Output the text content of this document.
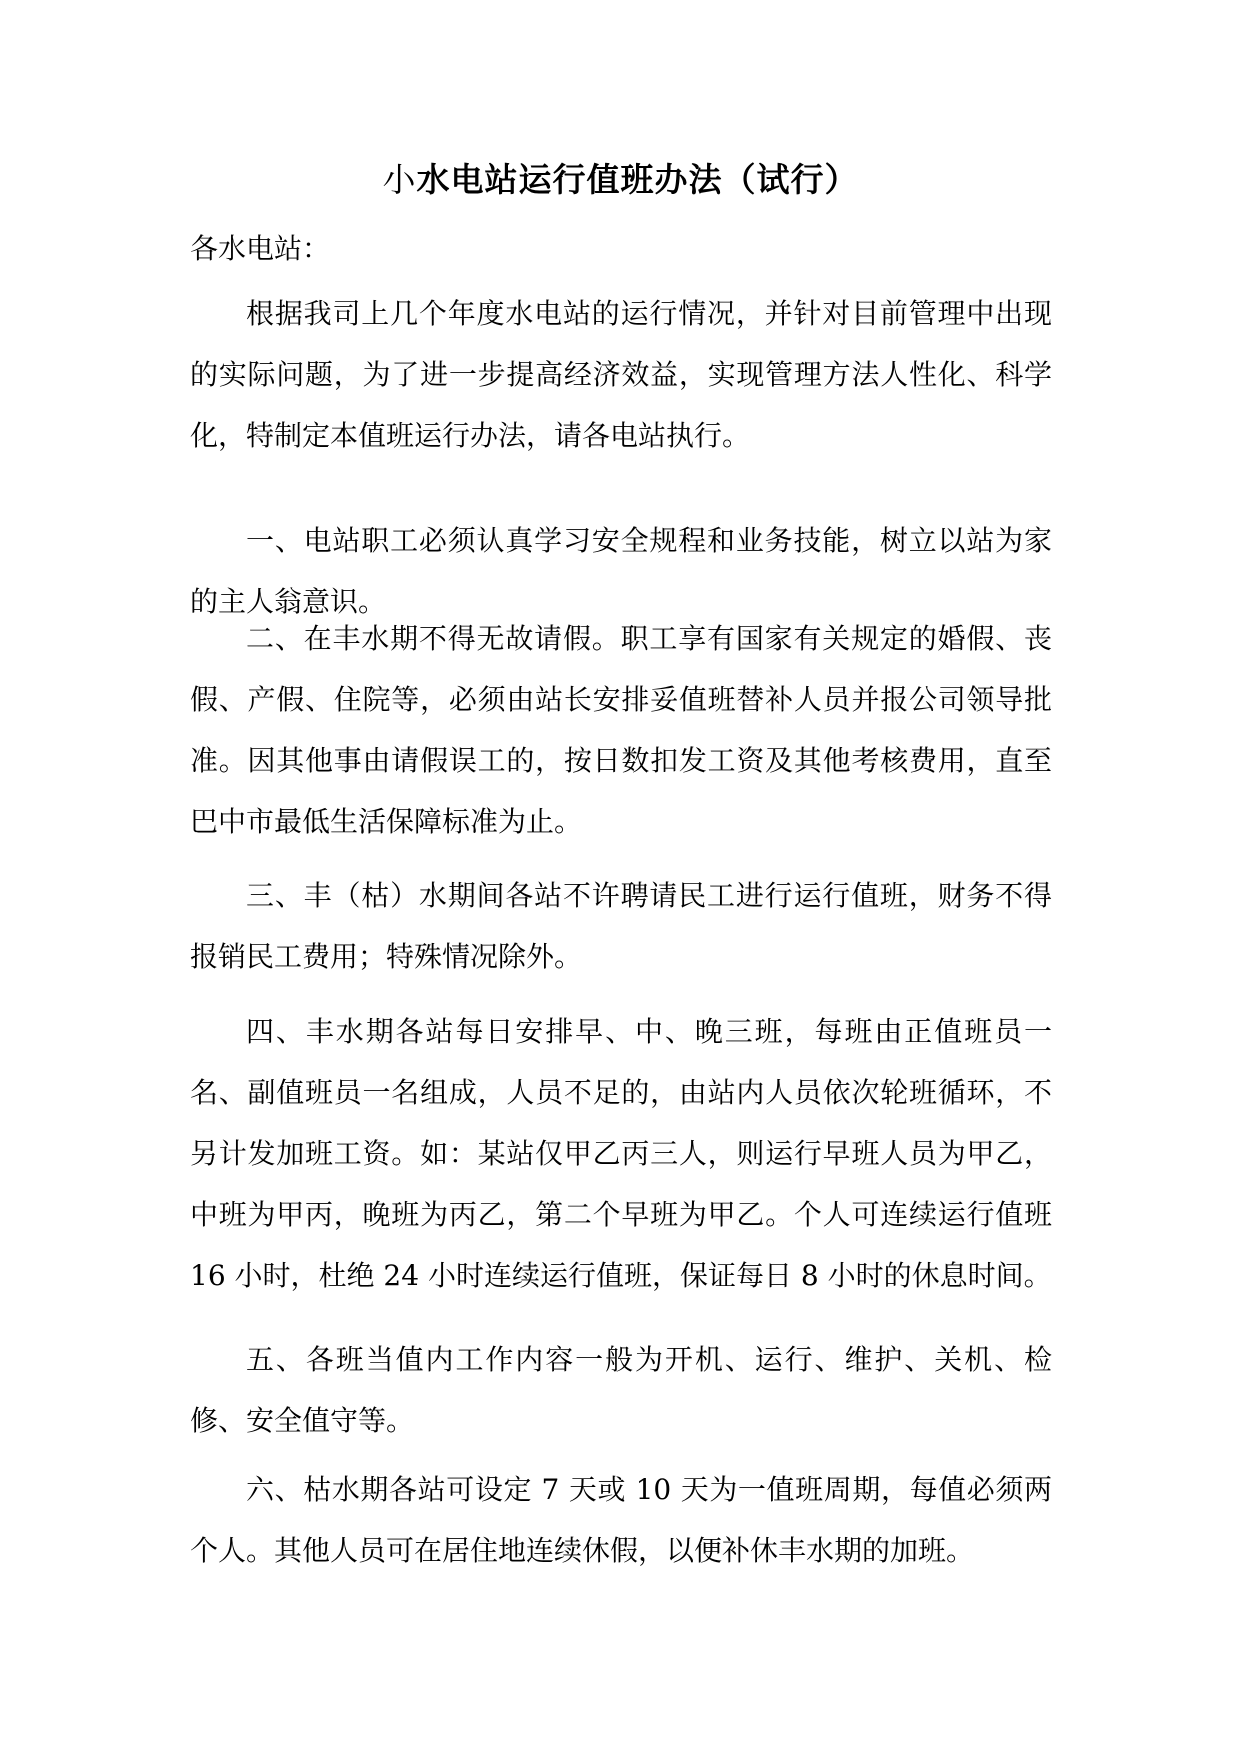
小水电站运行值班办法（试行）
各水电站：

根据我司上几个年度水电站的运行情况，并针对目前管理中出现的实际问题，为了进一步提高经济效益，实现管理方法人性化、科学化，特制定本值班运行办法，请各电站执行。

一、电站职工必须认真学习安全规程和业务技能，树立以站为家的主人翁意识。

二、在丰水期不得无故请假。职工享有国家有关规定的婚假、丧假、产假、住院等，必须由站长安排妥值班替补人员并报公司领导批准。因其他事由请假误工的，按日数扣发工资及其他考核费用，直至巴中市最低生活保障标准为止。

三、丰（枯）水期间各站不许聘请民工进行运行值班，财务不得报销民工费用；特殊情况除外。

四、丰水期各站每日安排早、中、晚三班，每班由正值班员一名、副值班员一名组成，人员不足的，由站内人员依次轮班循环，不另计发加班工资。如：某站仅甲乙丙三人，则运行早班人员为甲乙，中班为甲丙，晚班为丙乙，第二个早班为甲乙。个人可连续运行值班 16 小时，杜绝 24 小时连续运行值班，保证每日 8 小时的休息时间。

五、各班当值内工作内容一般为开机、运行、维护、关机、检修、安全值守等。

六、枯水期各站可设定 7 天或 10 天为一值班周期，每值必须两个人。其他人员可在居住地连续休假，以便补休丰水期的加班。
